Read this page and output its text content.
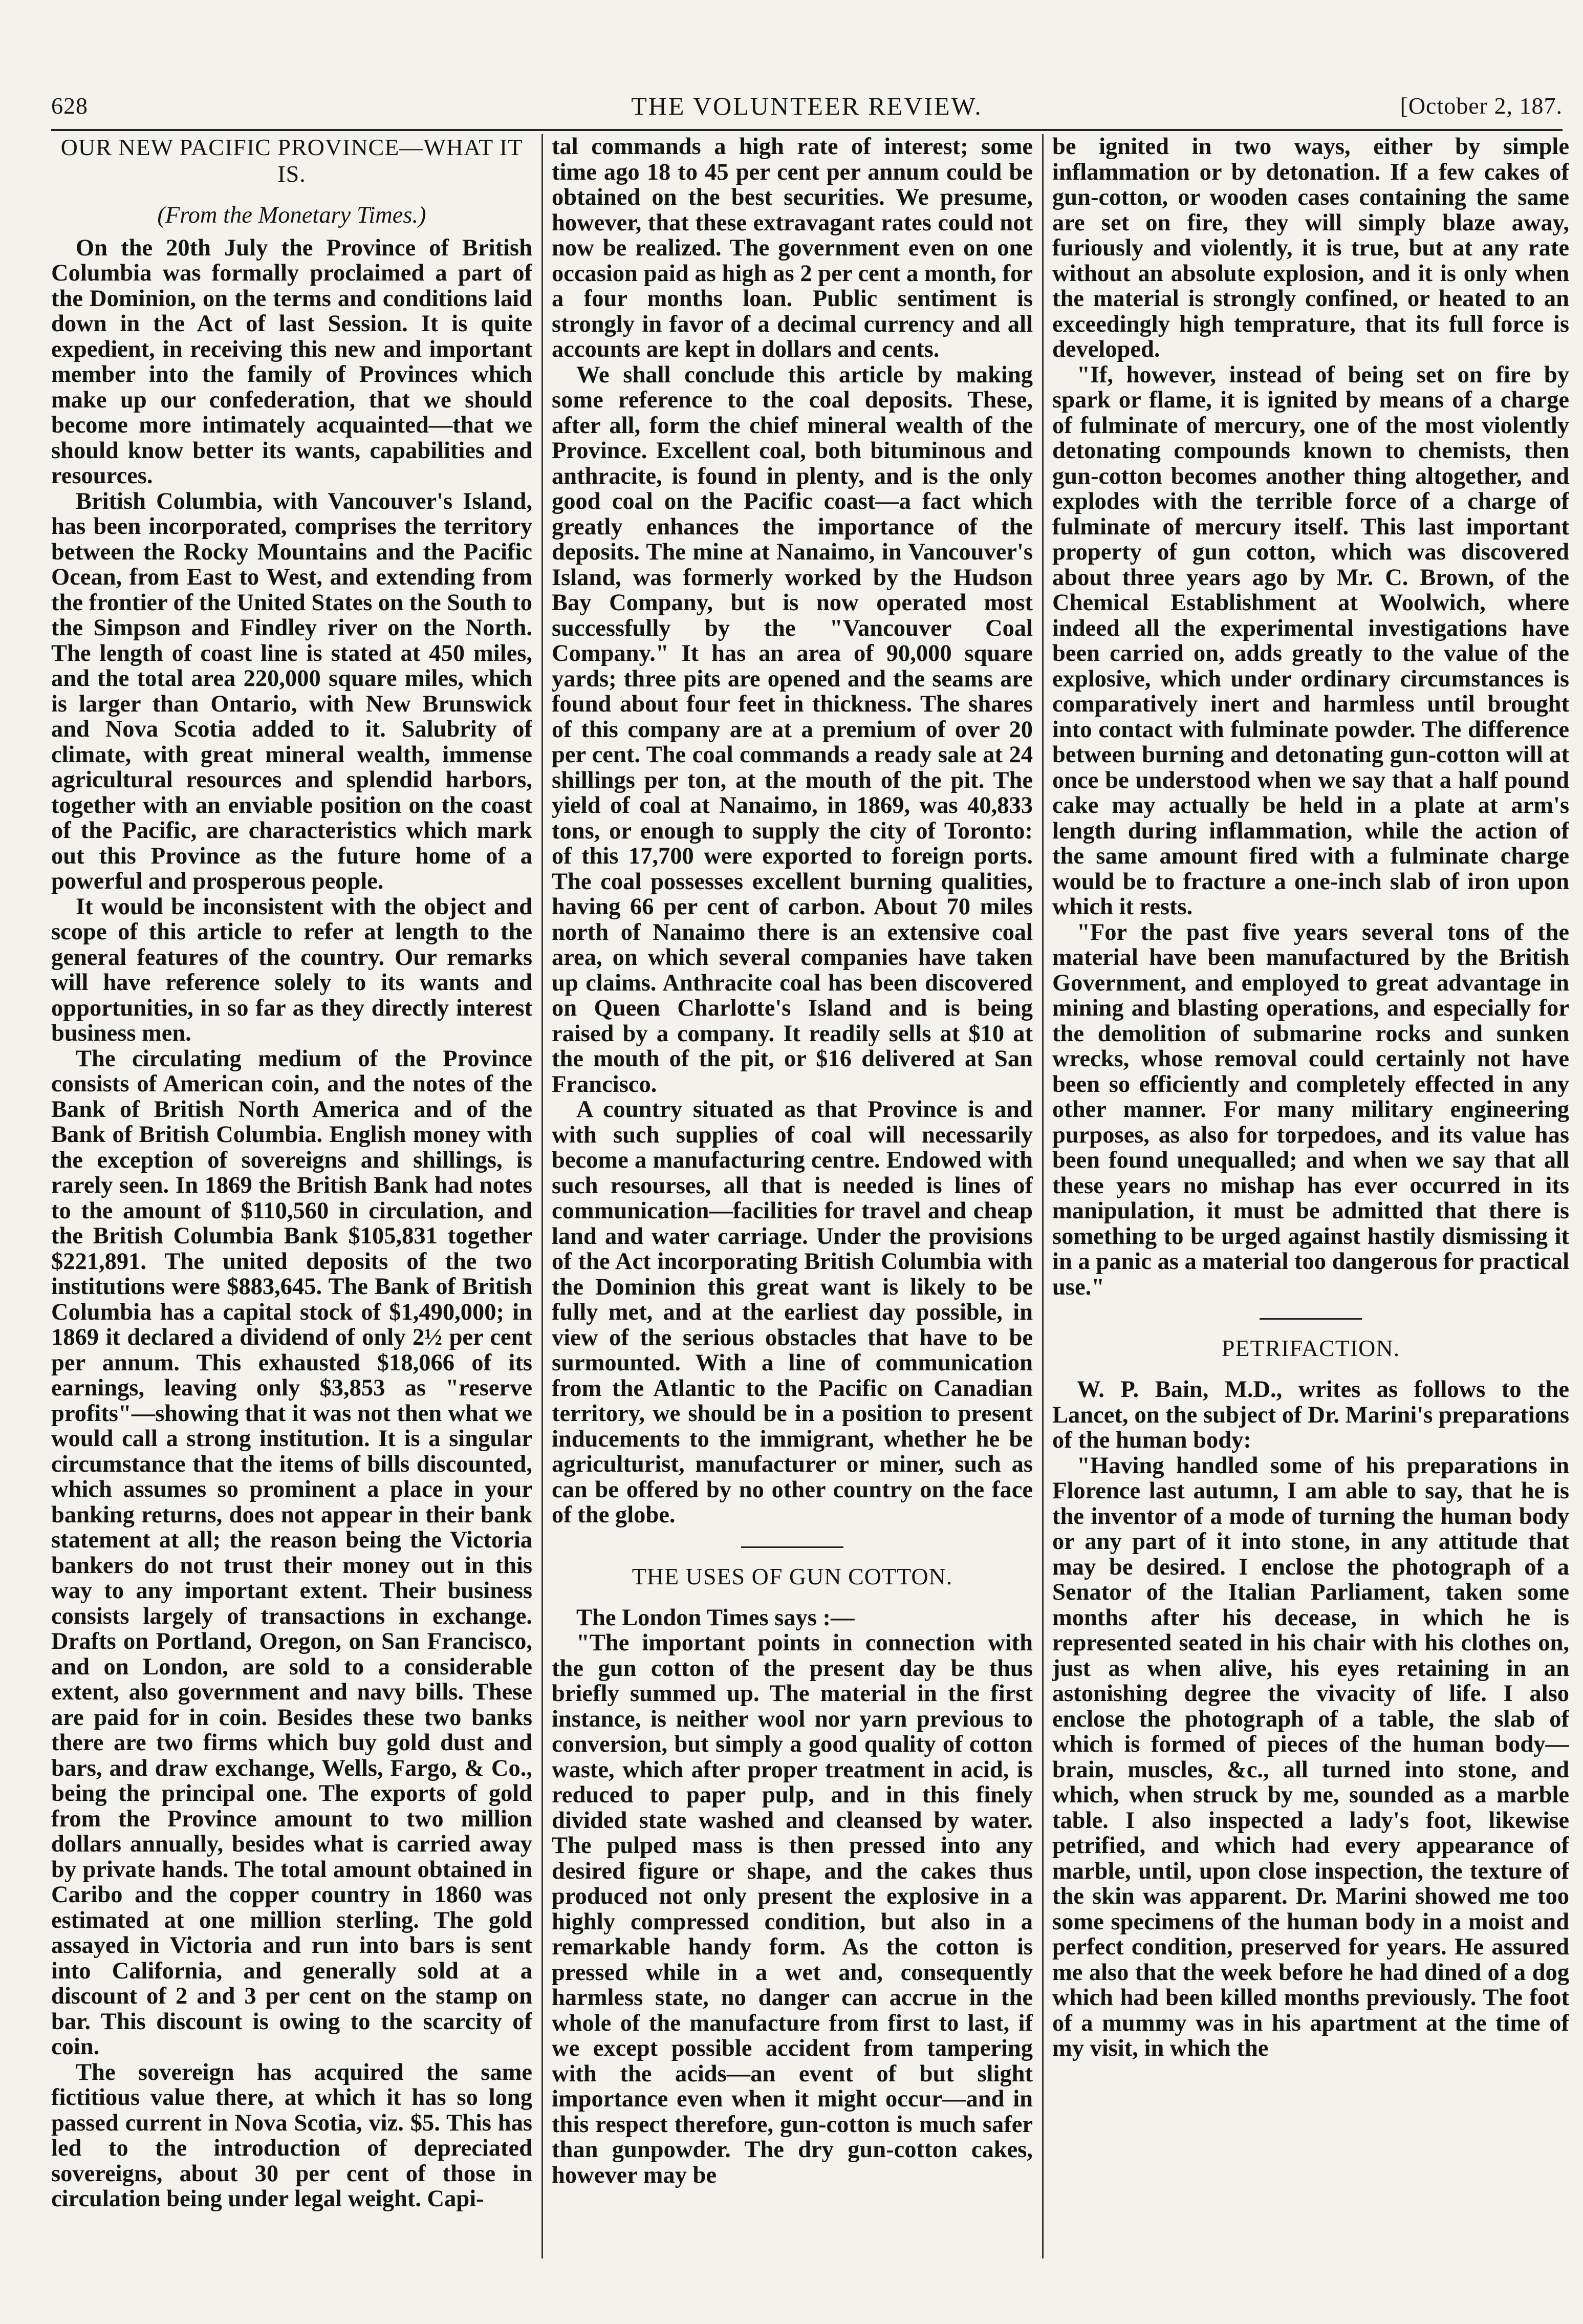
628	THE VOLUNTEER REVIEW.	[October 2, 187.
OUR NEW PACIFIC PROVINCE—WHAT IT IS.
(From the Monetary Times.)

On the 20th July the Province of British Columbia was formally proclaimed a part of the Dominion, on the terms and conditions laid down in the Act of last Session. It is quite expedient, in receiving this new and important member into the family of Provinces which make up our confederation, that we should become more intimately acquainted—that we should know better its wants, capabilities and resources.

British Columbia, with Vancouver's Island, has been incorporated, comprises the territory between the Rocky Mountains and the Pacific Ocean, from East to West, and extending from the frontier of the United States on the South to the Simpson and Findley river on the North. The length of coast line is stated at 450 miles, and the total area 220,000 square miles, which is larger than Ontario, with New Brunswick and Nova Scotia added to it. Salubrity of climate, with great mineral wealth, immense agricultural resources and splendid harbors, together with an enviable position on the coast of the Pacific, are characteristics which mark out this Province as the future home of a powerful and prosperous people.

It would be inconsistent with the object and scope of this article to refer at length to the general features of the country. Our remarks will have reference solely to its wants and opportunities, in so far as they directly interest business men.

The circulating medium of the Province consists of American coin, and the notes of the Bank of British North America and of the Bank of British Columbia. English money with the exception of sovereigns and shillings, is rarely seen. In 1869 the British Bank had notes to the amount of $110,560 in circulation, and the British Columbia Bank $105,831 together $221,891. The united deposits of the two institutions were $883,645. The Bank of British Columbia has a capital stock of $1,490,000; in 1869 it declared a dividend of only 2½ per cent per annum. This exhausted $18,066 of its earnings, leaving only $3,853 as "reserve profits"—showing that it was not then what we would call a strong institution. It is a singular circumstance that the items of bills discounted, which assumes so prominent a place in your banking returns, does not appear in their bank statement at all; the reason being the Victoria bankers do not trust their money out in this way to any important extent. Their business consists largely of transactions in exchange. Drafts on Portland, Oregon, on San Francisco, and on London, are sold to a considerable extent, also government and navy bills. These are paid for in coin. Besides these two banks there are two firms which buy gold dust and bars, and draw exchange, Wells, Fargo, & Co., being the principal one. The exports of gold from the Province amount to two million dollars annually, besides what is carried away by private hands. The total amount obtained in Caribo and the copper country in 1860 was estimated at one million sterling. The gold assayed in Victoria and run into bars is sent into California, and generally sold at a discount of 2 and 3 per cent on the stamp on bar. This discount is owing to the scarcity of coin.

The sovereign has acquired the same fictitious value there, at which it has so long passed current in Nova Scotia, viz. $5. This has led to the introduction of depreciated sovereigns, about 30 per cent of those in circulation being under legal weight. Capi-

tal commands a high rate of interest; some time ago 18 to 45 per cent per annum could be obtained on the best securities. We presume, however, that these extravagant rates could not now be realized. The government even on one occasion paid as high as 2 per cent a month, for a four months loan. Public sentiment is strongly in favor of a decimal currency and all accounts are kept in dollars and cents.

We shall conclude this article by making some reference to the coal deposits. These, after all, form the chief mineral wealth of the Province. Excellent coal, both bituminous and anthracite, is found in plenty, and is the only good coal on the Pacific coast—a fact which greatly enhances the importance of the deposits. The mine at Nanaimo, in Vancouver's Island, was formerly worked by the Hudson Bay Company, but is now operated most successfully by the "Vancouver Coal Company." It has an area of 90,000 square yards; three pits are opened and the seams are found about four feet in thickness. The shares of this company are at a premium of over 20 per cent. The coal commands a ready sale at 24 shillings per ton, at the mouth of the pit. The yield of coal at Nanaimo, in 1869, was 40,833 tons, or enough to supply the city of Toronto: of this 17,700 were exported to foreign ports. The coal possesses excellent burning qualities, having 66 per cent of carbon. About 70 miles north of Nanaimo there is an extensive coal area, on which several companies have taken up claims. Anthracite coal has been discovered on Queen Charlotte's Island and is being raised by a company. It readily sells at $10 at the mouth of the pit, or $16 delivered at San Francisco.

A country situated as that Province is and with such supplies of coal will necessarily become a manufacturing centre. Endowed with such resourses, all that is needed is lines of communication—facilities for travel and cheap land and water carriage. Under the provisions of the Act incorporating British Columbia with the Dominion this great want is likely to be fully met, and at the earliest day possible, in view of the serious obstacles that have to be surmounted. With a line of communication from the Atlantic to the Pacific on Canadian territory, we should be in a position to present inducements to the immigrant, whether he be agriculturist, manufacturer or miner, such as can be offered by no other country on the face of the globe.

THE USES OF GUN COTTON.

The London Times says :—

"The important points in connection with the gun cotton of the present day be thus briefly summed up. The material in the first instance, is neither wool nor yarn previous to conversion, but simply a good quality of cotton waste, which after proper treatment in acid, is reduced to paper pulp, and in this finely divided state washed and cleansed by water. The pulped mass is then pressed into any desired figure or shape, and the cakes thus produced not only present the explosive in a highly compressed condition, but also in a remarkable handy form. As the cotton is pressed while in a wet and, consequently harmless state, no danger can accrue in the whole of the manufacture from first to last, if we except possible accident from tampering with the acids—an event of but slight importance even when it might occur—and in this respect therefore, gun-cotton is much safer than gunpowder. The dry gun-cotton cakes, however may be

be ignited in two ways, either by simple inflammation or by detonation. If a few cakes of gun-cotton, or wooden cases containing the same are set on fire, they will simply blaze away, furiously and violently, it is true, but at any rate without an absolute explosion, and it is only when the material is strongly confined, or heated to an exceedingly high temprature, that its full force is developed.

"If, however, instead of being set on fire by spark or flame, it is ignited by means of a charge of fulminate of mercury, one of the most violently detonating compounds known to chemists, then gun-cotton becomes another thing altogether, and explodes with the terrible force of a charge of fulminate of mercury itself. This last important property of gun cotton, which was discovered about three years ago by Mr. C. Brown, of the Chemical Establishment at Woolwich, where indeed all the experimental investigations have been carried on, adds greatly to the value of the explosive, which under ordinary circumstances is comparatively inert and harmless until brought into contact with fulminate powder. The difference between burning and detonating gun-cotton will at once be understood when we say that a half pound cake may actually be held in a plate at arm's length during inflammation, while the action of the same amount fired with a fulminate charge would be to fracture a one-inch slab of iron upon which it rests.

"For the past five years several tons of the material have been manufactured by the British Government, and employed to great advantage in mining and blasting operations, and especially for the demolition of submarine rocks and sunken wrecks, whose removal could certainly not have been so efficiently and completely effected in any other manner. For many military engineering purposes, as also for torpedoes, and its value has been found unequalled; and when we say that all these years no mishap has ever occurred in its manipulation, it must be admitted that there is something to be urged against hastily dismissing it in a panic as a material too dangerous for practical use."

PETRIFACTION.

W. P. Bain, M.D., writes as follows to the Lancet, on the subject of Dr. Marini's preparations of the human body:

"Having handled some of his preparations in Florence last autumn, I am able to say, that he is the inventor of a mode of turning the human body or any part of it into stone, in any attitude that may be desired. I enclose the photograph of a Senator of the Italian Parliament, taken some months after his decease, in which he is represented seated in his chair with his clothes on, just as when alive, his eyes retaining in an astonishing degree the vivacity of life. I also enclose the photograph of a table, the slab of which is formed of pieces of the human body—brain, muscles, &c., all turned into stone, and which, when struck by me, sounded as a marble table. I also inspected a lady's foot, likewise petrified, and which had every appearance of marble, until, upon close inspection, the texture of the skin was apparent. Dr. Marini showed me too some specimens of the human body in a moist and perfect condition, preserved for years. He assured me also that the week before he had dined of a dog which had been killed months previously. The foot of a mummy was in his apartment at the time of my visit, in which the
